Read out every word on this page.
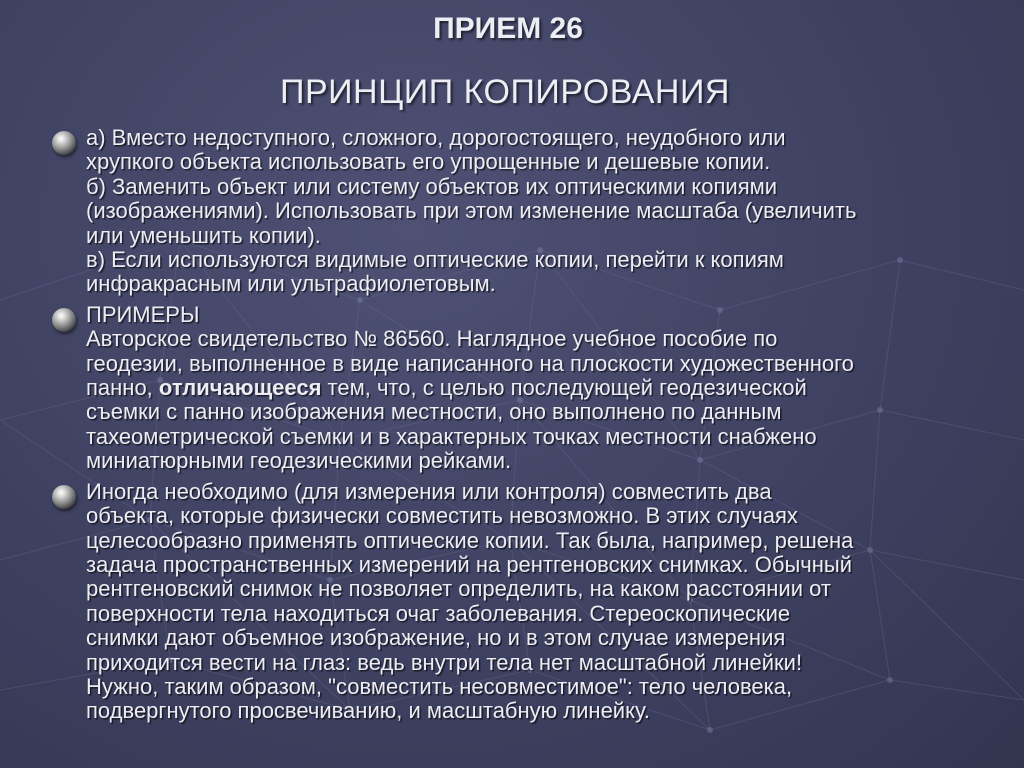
ПРИЕМ 26
ПРИНЦИП КОПИРОВАНИЯ
а) Вместо недоступного, сложного, дорогостоящего, неудобного или
хрупкого объекта использовать его упрощенные и дешевые копии.
б) Заменить объект или систему объектов их оптическими копиями
(изображениями). Использовать при этом изменение масштаба (увеличить
или уменьшить копии).
в) Если используются видимые оптические копии, перейти к копиям
инфракрасным или ультрафиолетовым.
ПРИМЕРЫ
Авторское свидетельство № 86560. Наглядное учебное пособие по
геодезии, выполненное в виде написанного на плоскости художественного
панно, отличающееся тем, что, с целью последующей геодезической
съемки с панно изображения местности, оно выполнено по данным
тахеометрической съемки и в характерных точках местности снабжено
миниатюрными геодезическими рейками.
Иногда необходимо (для измерения или контроля) совместить два
объекта, которые физически совместить невозможно. В этих случаях
целесообразно применять оптические копии. Так была, например, решена
задача пространственных измерений на рентгеновских снимках. Обычный
рентгеновский снимок не позволяет определить, на каком расстоянии от
поверхности тела находиться очаг заболевания. Стереоскопические
снимки дают объемное изображение, но и в этом случае измерения
приходится вести на глаз: ведь внутри тела нет масштабной линейки!
Нужно, таким образом, "совместить несовместимое": тело человека,
подвергнутого просвечиванию, и масштабную линейку.
